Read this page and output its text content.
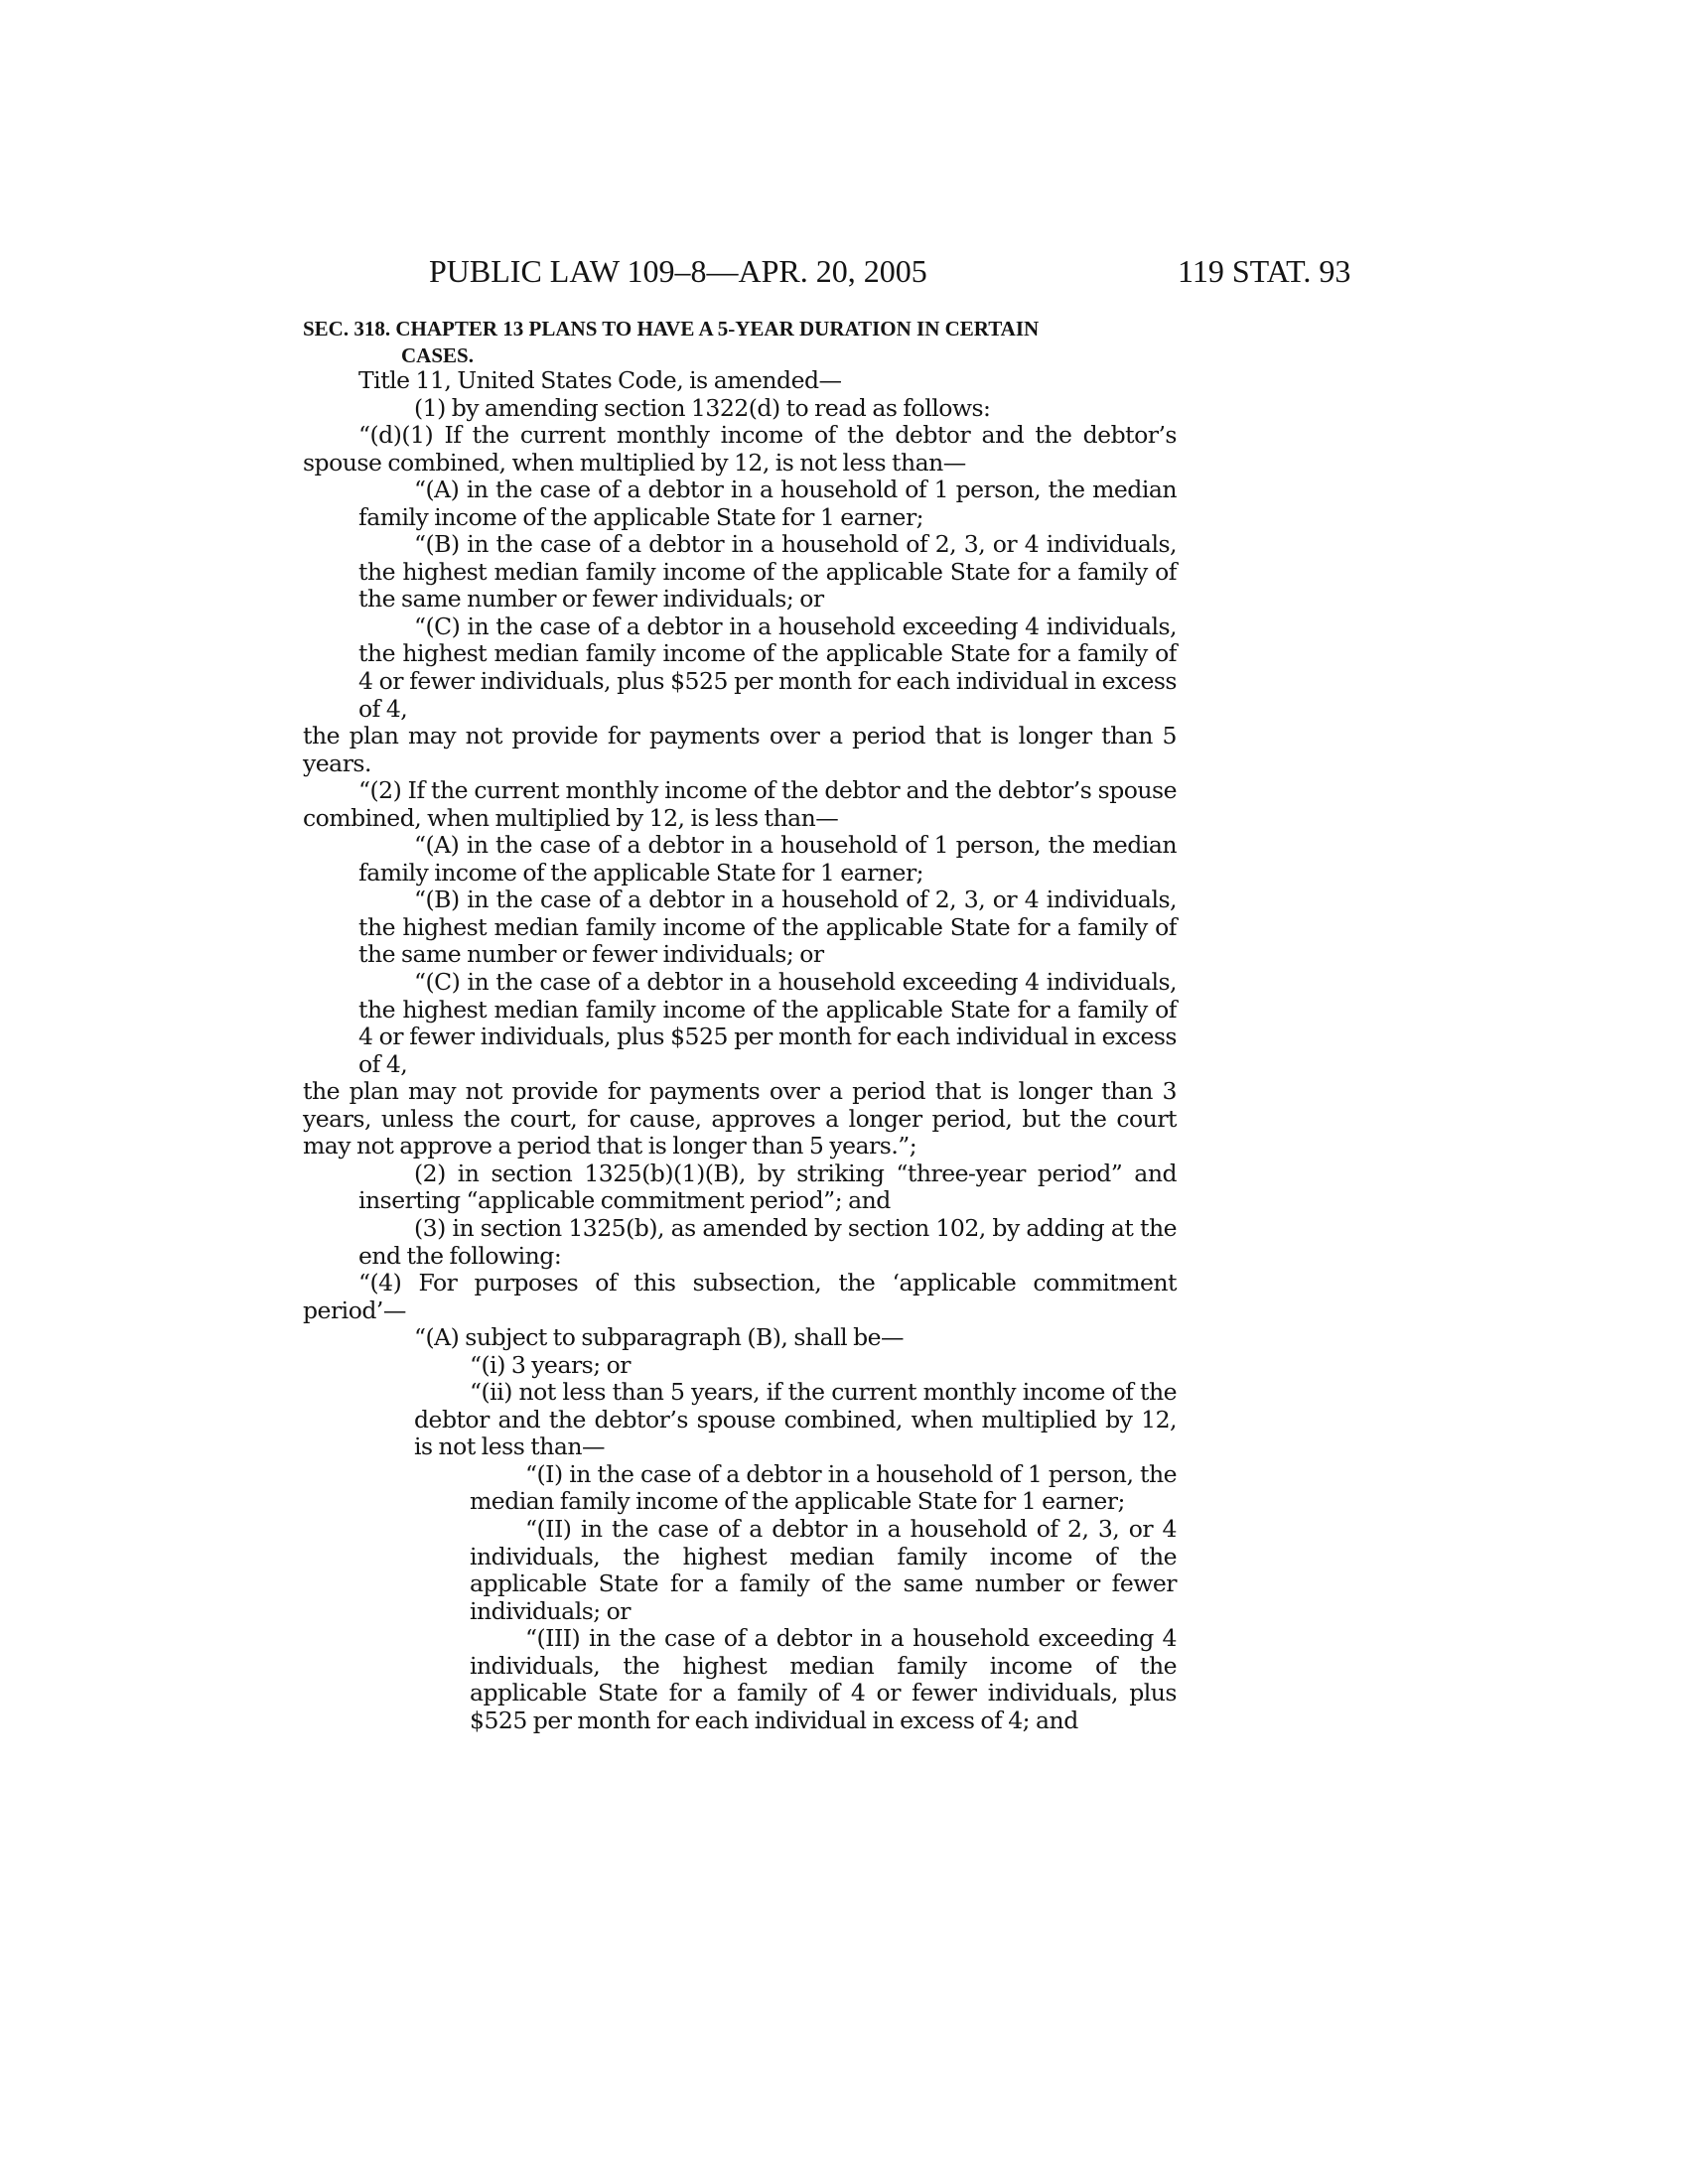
PUBLIC LAW 109–8—APR. 20, 2005	119 STAT. 93
SEC. 318. CHAPTER 13 PLANS TO HAVE A 5-YEAR DURATION IN CERTAIN
CASES.

Title 11, United States Code, is amended—

(1) by amending section 1322(d) to read as follows:

“(d)(1) If the current monthly income of the debtor and the debtor’s spouse combined, when multiplied by 12, is not less than—

“(A) in the case of a debtor in a household of 1 person, the median family income of the applicable State for 1 earner;

“(B) in the case of a debtor in a household of 2, 3, or 4 individuals, the highest median family income of the applicable State for a family of the same number or fewer individuals; or

“(C) in the case of a debtor in a household exceeding 4 individuals, the highest median family income of the applicable State for a family of 4 or fewer individuals, plus $525 per month for each individual in excess of 4,

the plan may not provide for payments over a period that is longer than 5 years.

“(2) If the current monthly income of the debtor and the debtor’s spouse combined, when multiplied by 12, is less than—

“(A) in the case of a debtor in a household of 1 person, the median family income of the applicable State for 1 earner;

“(B) in the case of a debtor in a household of 2, 3, or 4 individuals, the highest median family income of the applicable State for a family of the same number or fewer individuals; or

“(C) in the case of a debtor in a household exceeding 4 individuals, the highest median family income of the applicable State for a family of 4 or fewer individuals, plus $525 per month for each individual in excess of 4,

the plan may not provide for payments over a period that is longer than 3 years, unless the court, for cause, approves a longer period, but the court may not approve a period that is longer than 5 years.”;

(2) in section 1325(b)(1)(B), by striking “three-year period” and inserting “applicable commitment period”; and

(3) in section 1325(b), as amended by section 102, by adding at the end the following:

“(4) For purposes of this subsection, the ‘applicable commitment period’—

“(A) subject to subparagraph (B), shall be—

“(i) 3 years; or

“(ii) not less than 5 years, if the current monthly income of the debtor and the debtor’s spouse combined, when multiplied by 12, is not less than—

“(I) in the case of a debtor in a household of 1 person, the median family income of the applicable State for 1 earner;

“(II) in the case of a debtor in a household of 2, 3, or 4 individuals, the highest median family income of the applicable State for a family of the same number or fewer individuals; or

“(III) in the case of a debtor in a household exceeding 4 individuals, the highest median family income of the applicable State for a family of 4 or fewer individuals, plus $525 per month for each individual in excess of 4; and
